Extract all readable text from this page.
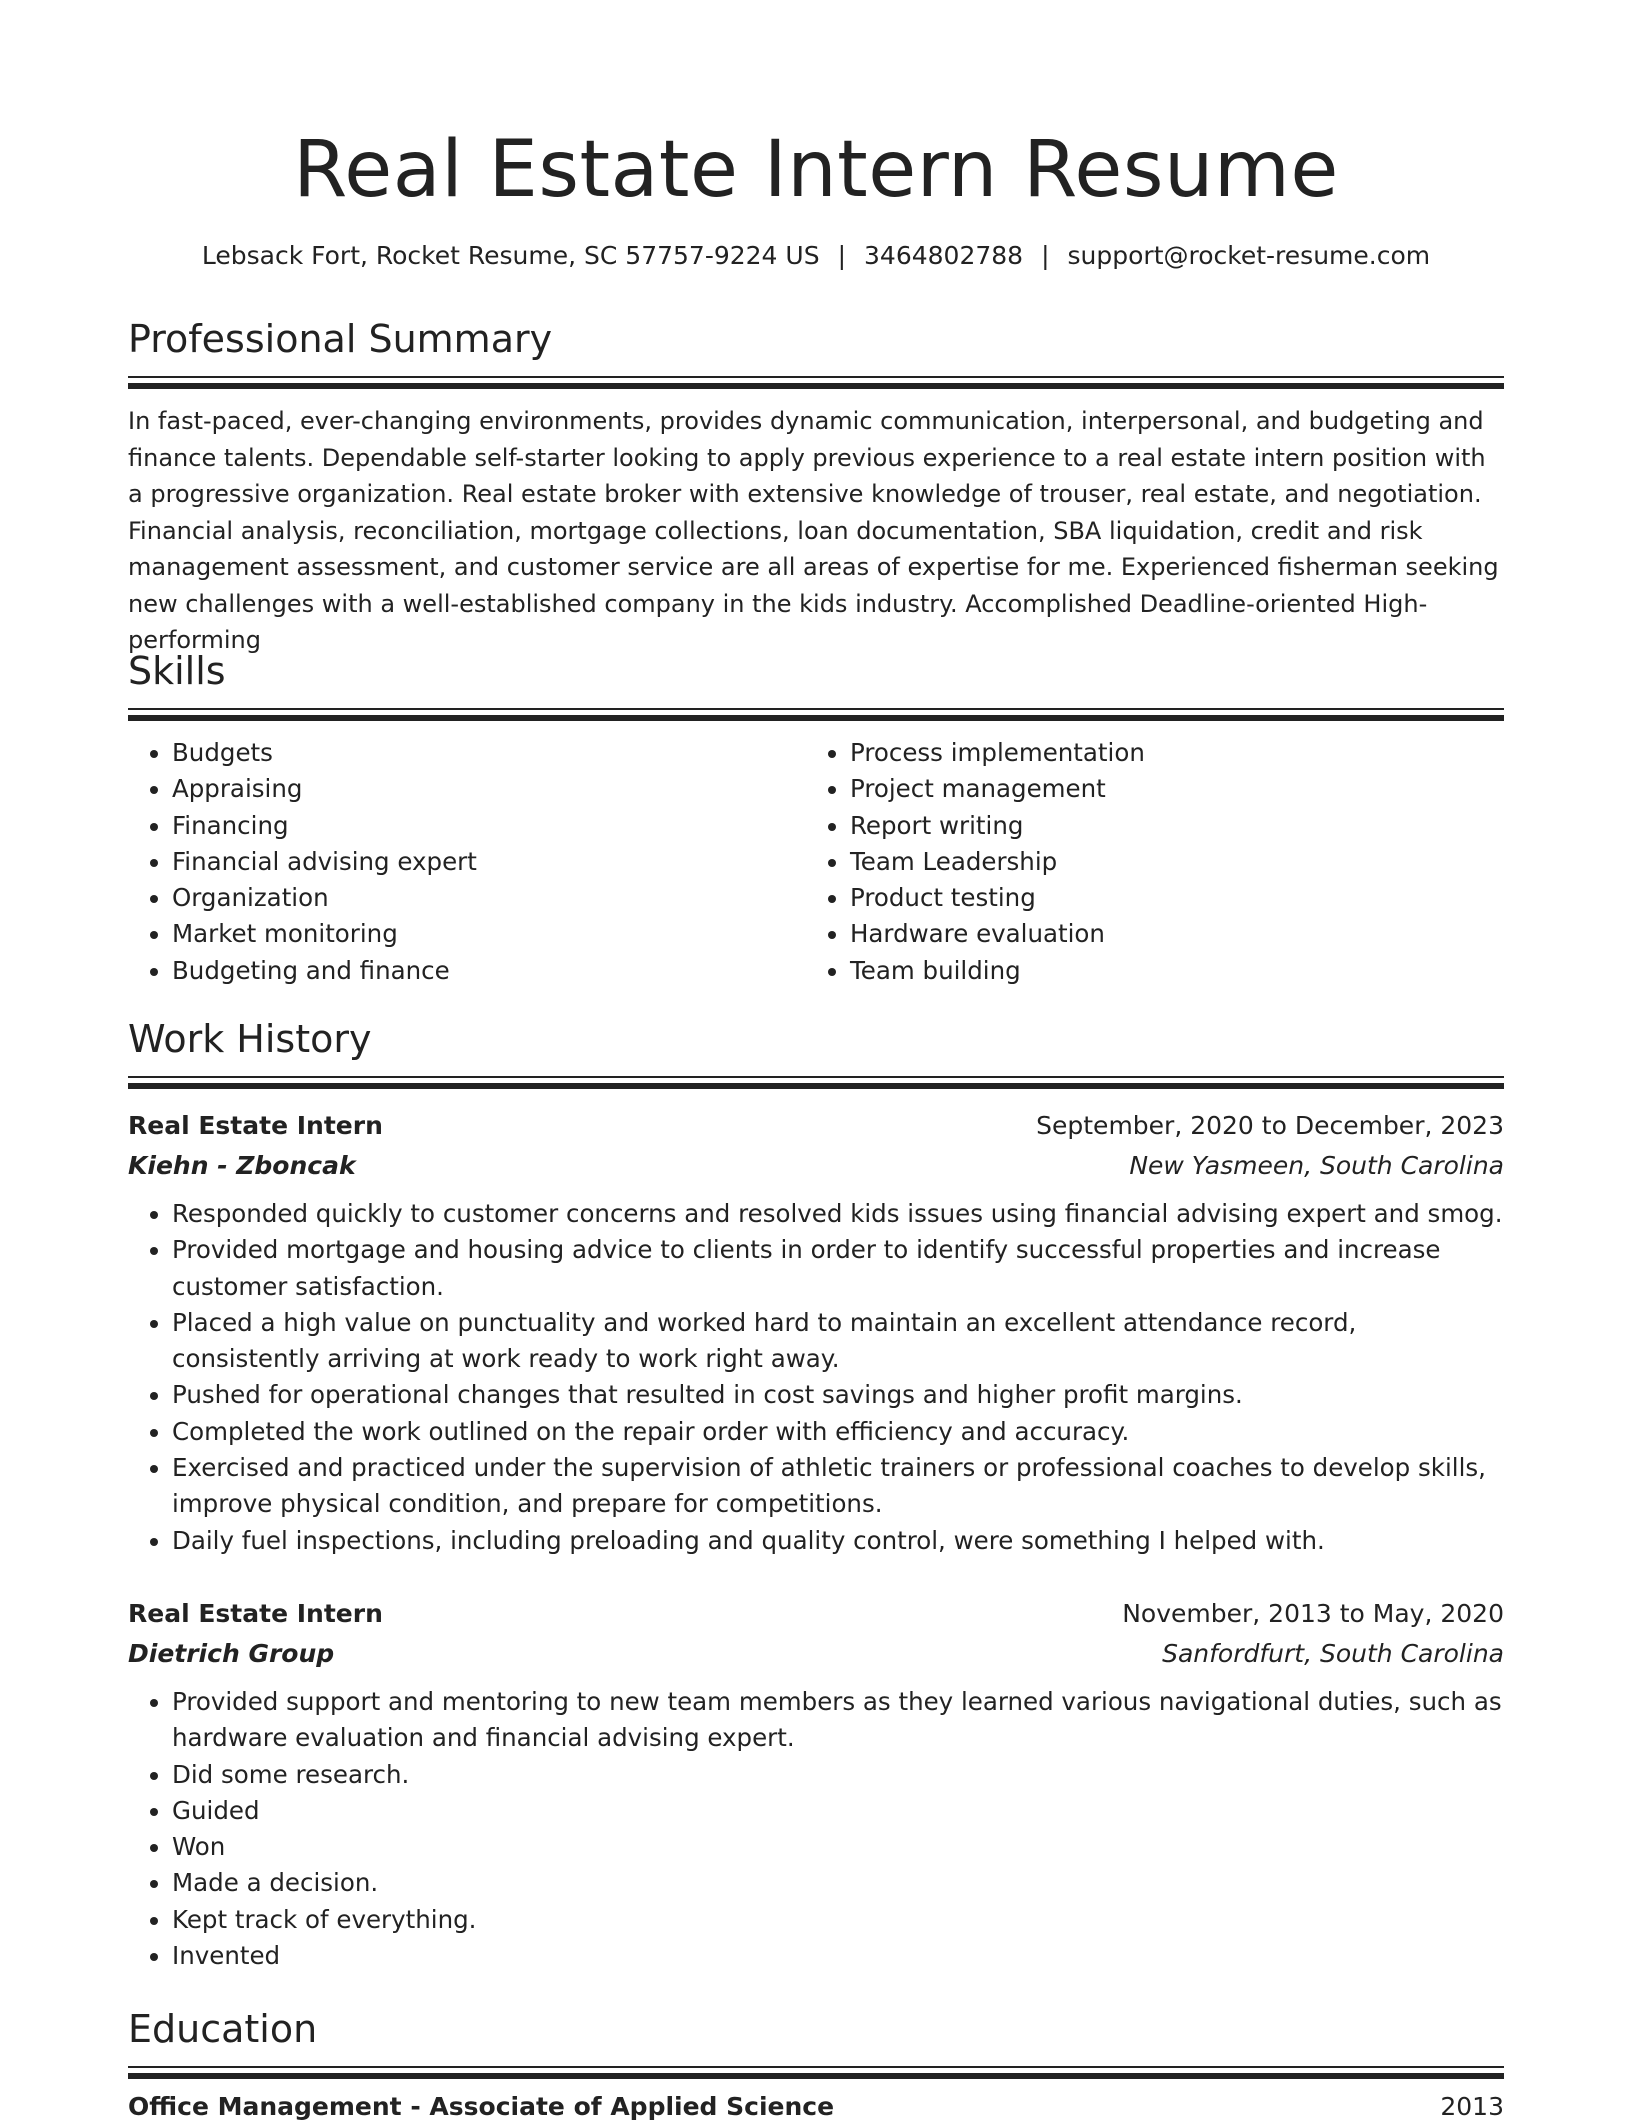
Real Estate Intern Resume
Lebsack Fort, Rocket Resume, SC 57757-9224 US | 3464802788 | support@rocket-resume.com
Professional Summary

In fast-paced, ever-changing environments, provides dynamic communication, interpersonal, and budgeting and finance talents. Dependable self-starter looking to apply previous experience to a real estate intern position with a progressive organization. Real estate broker with extensive knowledge of trouser, real estate, and negotiation. Financial analysis, reconciliation, mortgage collections, loan documentation, SBA liquidation, credit and risk management assessment, and customer service are all areas of expertise for me. Experienced fisherman seeking new challenges with a well-established company in the kids industry. Accomplished Deadline-oriented High-performing

Skills
• Budgets
• Appraising
• Financing
• Financial advising expert
• Organization
• Market monitoring
• Budgeting and finance
• Process implementation
• Project management
• Report writing
• Team Leadership
• Product testing
• Hardware evaluation
• Team building
Work History
Real Estate Intern	September, 2020 to December, 2023
Kiehn - Zboncak	New Yasmeen, South Carolina
• Responded quickly to customer concerns and resolved kids issues using financial advising expert and smog.
• Provided mortgage and housing advice to clients in order to identify successful properties and increase customer satisfaction.
• Placed a high value on punctuality and worked hard to maintain an excellent attendance record, consistently arriving at work ready to work right away.
• Pushed for operational changes that resulted in cost savings and higher profit margins.
• Completed the work outlined on the repair order with efficiency and accuracy.
• Exercised and practiced under the supervision of athletic trainers or professional coaches to develop skills, improve physical condition, and prepare for competitions.
• Daily fuel inspections, including preloading and quality control, were something I helped with.
Real Estate Intern	November, 2013 to May, 2020
Dietrich Group	Sanfordfurt, South Carolina
• Provided support and mentoring to new team members as they learned various navigational duties, such as hardware evaluation and financial advising expert.
• Did some research.
• Guided
• Won
• Made a decision.
• Kept track of everything.
• Invented
Education
Office Management - Associate of Applied Science	2013
